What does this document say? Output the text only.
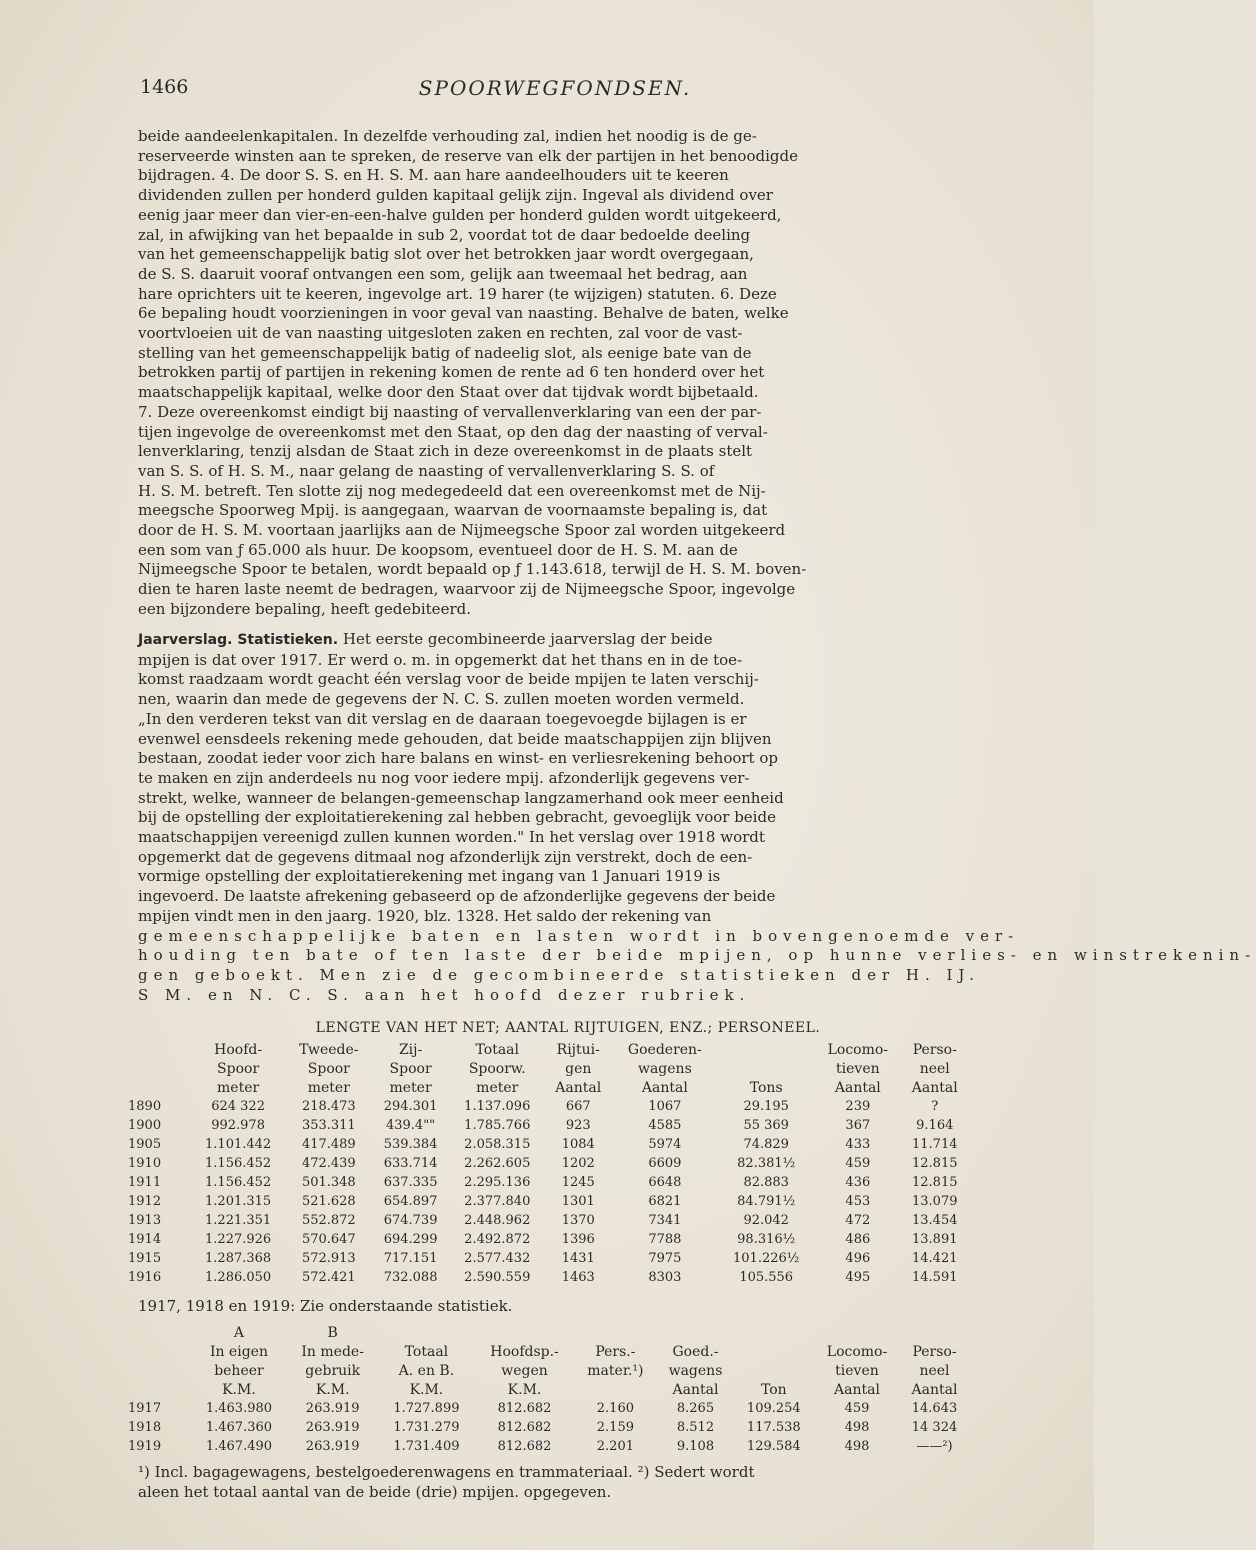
1466	SPOORWEGFONDSEN.
beide aandeelenkapitalen. In dezelfde verhouding zal, indien het noodig is de ge-
reserveerde winsten aan te spreken, de reserve van elk der partijen in het benoodigde
bijdragen. 4. De door S. S. en H. S. M. aan hare aandeelhouders uit te keeren
dividenden zullen per honderd gulden kapitaal gelijk zijn. Ingeval als dividend over
eenig jaar meer dan vier-en-een-halve gulden per honderd gulden wordt uitgekeerd,
zal, in afwijking van het bepaalde in sub 2, voordat tot de daar bedoelde deeling
van het gemeenschappelijk batig slot over het betrokken jaar wordt overgegaan,
de S. S. daaruit vooraf ontvangen een som, gelijk aan tweemaal het bedrag, aan
hare oprichters uit te keeren, ingevolge art. 19 harer (te wijzigen) statuten. 6. Deze
6e bepaling houdt voorzieningen in voor geval van naasting. Behalve de baten, welke
voortvloeien uit de van naasting uitgesloten zaken en rechten, zal voor de vast-
stelling van het gemeenschappelijk batig of nadeelig slot, als eenige bate van de
betrokken partij of partijen in rekening komen de rente ad 6 ten honderd over het
maatschappelijk kapitaal, welke door den Staat over dat tijdvak wordt bijbetaald.
7. Deze overeenkomst eindigt bij naasting of vervallenverklaring van een der par-
tijen ingevolge de overeenkomst met den Staat, op den dag der naasting of verval-
lenverklaring, tenzij alsdan de Staat zich in deze overeenkomst in de plaats stelt
van S. S. of H. S. M., naar gelang de naasting of vervallenverklaring S. S. of
H. S. M. betreft. Ten slotte zij nog medegedeeld dat een overeenkomst met de Nij-
meegsche Spoorweg Mpij. is aangegaan, waarvan de voornaamste bepaling is, dat
door de H. S. M. voortaan jaarlijks aan de Nijmeegsche Spoor zal worden uitgekeerd
een som van ƒ 65.000 als huur. De koopsom, eventueel door de H. S. M. aan de
Nijmeegsche Spoor te betalen, wordt bepaald op ƒ 1.143.618, terwijl de H. S. M. boven-
dien te haren laste neemt de bedragen, waarvoor zij de Nijmeegsche Spoor, ingevolge
een bijzondere bepaling, heeft gedebiteerd.
Jaarverslag. Statistieken. Het eerste gecombineerde jaarverslag der beide
mpijen is dat over 1917. Er werd o. m. in opgemerkt dat het thans en in de toe-
komst raadzaam wordt geacht één verslag voor de beide mpijen te laten verschij-
nen, waarin dan mede de gegevens der N. C. S. zullen moeten worden vermeld.
„In den verderen tekst van dit verslag en de daaraan toegevoegde bijlagen is er
evenwel eensdeels rekening mede gehouden, dat beide maatschappijen zijn blijven
bestaan, zoodat ieder voor zich hare balans en winst- en verliesrekening behoort op
te maken en zijn anderdeels nu nog voor iedere mpij. afzonderlijk gegevens ver-
strekt, welke, wanneer de belangen-gemeenschap langzamerhand ook meer eenheid
bij de opstelling der exploitatierekening zal hebben gebracht, gevoeglijk voor beide
maatschappijen vereenigd zullen kunnen worden." In het verslag over 1918 wordt
opgemerkt dat de gegevens ditmaal nog afzonderlijk zijn verstrekt, doch de een-
vormige opstelling der exploitatierekening met ingang van 1 Januari 1919 is
ingevoerd. De laatste afrekening gebaseerd op de afzonderlijke gegevens der beide
mpijen vindt men in den jaarg. 1920, blz. 1328. Het saldo der rekening van
gemeenschappelijke baten en lasten wordt in bovengenoemde ver-
houding ten bate of ten laste der beide mpijen, op hunne verlies- en winstrekenin-
gen geboekt. Men zie de gecombineerde statistieken der H. IJ.
S M. en N. C. S. aan het hoofd dezer rubriek.
LENGTE VAN HET NET; AANTAL RIJTUIGEN, ENZ.; PERSONEEL.
	Hoofd-	Tweede-	Zij-	Totaal	Rijtui-	Goederen-		Locomo-	Perso-
	Spoor	Spoor	Spoor	Spoorw.	gen	wagens		tieven	neel
	meter	meter	meter	meter	Aantal	Aantal	Tons	Aantal	Aantal
1890	624 322	218.473	294.301	1.137.096	667	1067	29.195	239	?
1900	992.978	353.311	439.4""	1.785.766	923	4585	55 369	367	9.164
1905	1.101.442	417.489	539.384	2.058.315	1084	5974	74.829	433	11.714
1910	1.156.452	472.439	633.714	2.262.605	1202	6609	82.381½	459	12.815
1911	1.156.452	501.348	637.335	2.295.136	1245	6648	82.883	436	12.815
1912	1.201.315	521.628	654.897	2.377.840	1301	6821	84.791½	453	13.079
1913	1.221.351	552.872	674.739	2.448.962	1370	7341	92.042	472	13.454
1914	1.227.926	570.647	694.299	2.492.872	1396	7788	98.316½	486	13.891
1915	1.287.368	572.913	717.151	2.577.432	1431	7975	101.226½	496	14.421
1916	1.286.050	572.421	732.088	2.590.559	1463	8303	105.556	495	14.591
1917, 1918 en 1919: Zie onderstaande statistiek.
	A	B							
	In eigen	In mede-	Totaal	Hoofdsp.-	Pers.-	Goed.-		Locomo-	Perso-
	beheer	gebruik	A. en B.	wegen	mater.¹)	wagens		tieven	neel
	K.M.	K.M.	K.M.	K.M.		Aantal	Ton	Aantal	Aantal
1917	1.463.980	263.919	1.727.899	812.682	2.160	8.265	109.254	459	14.643
1918	1.467.360	263.919	1.731.279	812.682	2.159	8.512	117.538	498	14 324
1919	1.467.490	263.919	1.731.409	812.682	2.201	9.108	129.584	498	——²)
¹) Incl. bagagewagens, bestelgoederenwagens en trammateriaal. ²) Sedert wordt
aleen het totaal aantal van de beide (drie) mpijen. opgegeven.
